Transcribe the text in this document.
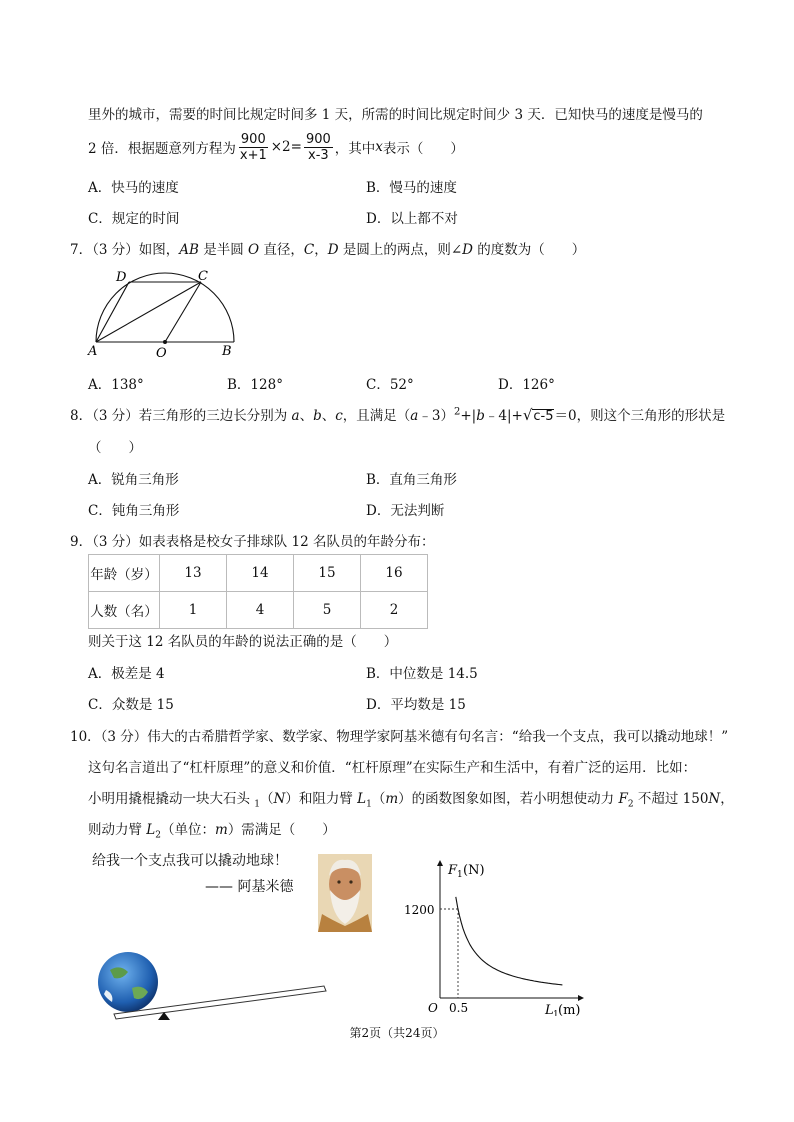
里外的城市，需要的时间比规定时间多 1 天，所需的时间比规定时间少 3 天．已知快马的速度是慢马的
2 倍．根据题意列方程为 $\frac{900}{x+1} \times 2= \frac{900}{x-3}$ ，其中 x 表示（　　）
A．快马的速度	B．慢马的速度
C．规定的时间	D．以上都不对
7．（3 分）如图，AB 是半圆 O 直径，C，D 是圆上的两点，则∠D 的度数为（　　）
A	B
C
D
O
A．138°	B．128°	C．52°	D．126°
8．（3 分）若三角形的三边长分别为 a、b、c，且满足（a﹣3）$^2$+|b﹣4|+√c-5＝0，则这个三角形的形状是
（　　）
A．锐角三角形	B．直角三角形
C．钝角三角形	D．无法判断
9．（3 分）如表表格是校女子排球队 12 名队员的年龄分布：
年龄（岁）	13	14	15	16
人数（名）	1	4	5	2
则关于这 12 名队员的年龄的说法正确的是（　　）
A．极差是 4	B．中位数是 14.5
C．众数是 15	D．平均数是 15
10．（3 分）伟大的古希腊哲学家、数学家、物理学家阿基米德有句名言：“给我一个支点，我可以撬动地球！”
这句名言道出了“杠杆原理”的意义和价值．“杠杆原理”在实际生产和生活中，有着广泛的运用．比如：
小明用撬棍撬动一块大石头 $_1$（N）和阻力臂 $L_1(m)$的函数图象如图，若小明想使动力 $F_2$ 不超过 150N，
则动力臂 $L_2$（单位：m）需满足（　　）
给我一个支点我可以撬动地球！
—— 阿基米德
F 1 (N)
1200
O 0.5	L 1 (m)
第2页（共24页）
